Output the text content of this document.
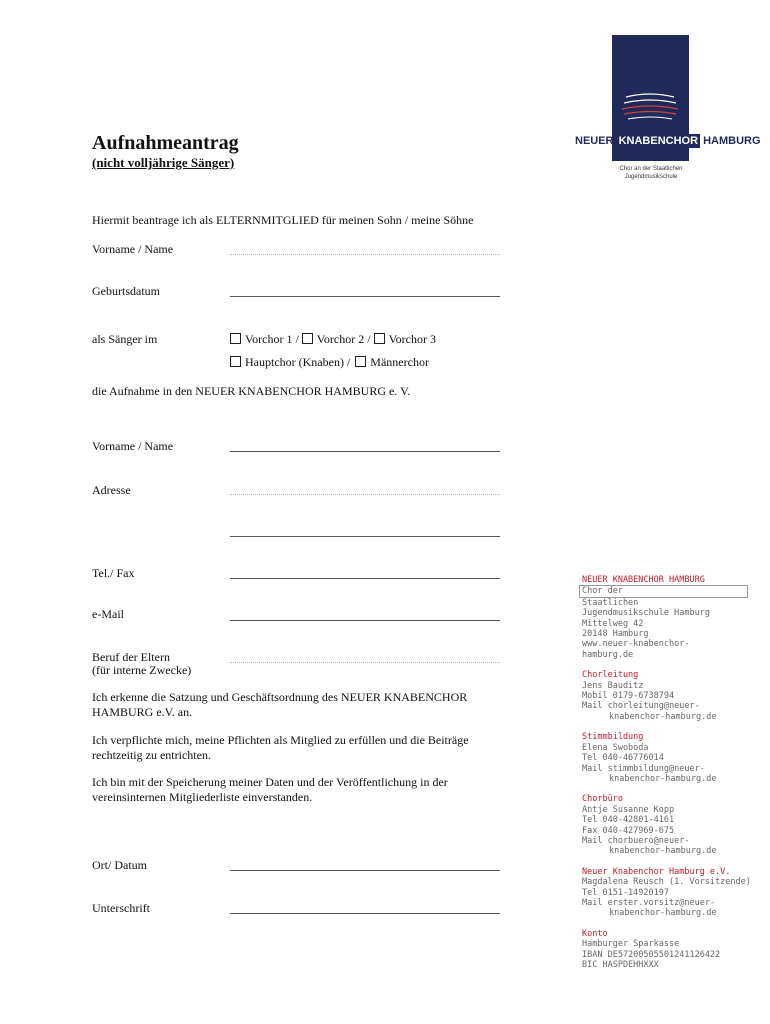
NEUER KNABENCHOR HAMBURG
Chor an der Staatlichen
Jugendmusikschule
Aufnahmeantrag
(nicht volljährige Sänger)
Hiermit beantrage ich als ELTERNMITGLIED für meinen Sohn / meine Söhne
Vorname / Name
Geburtsdatum
als Sänger im	Vorchor 1 / Vorchor 2 / Vorchor 3
Hauptchor (Knaben) / Männerchor
die Aufnahme in den NEUER KNABENCHOR HAMBURG e. V.
Vorname / Name
Adresse
Tel./ Fax
e-Mail
Beruf der Eltern
(für interne Zwecke)
Ich erkenne die Satzung und Geschäftsordnung des NEUER KNABENCHOR HAMBURG e.V. an.
Ich verpflichte mich, meine Pflichten als Mitglied zu erfüllen und die Beiträge rechtzeitig zu entrichten.
Ich bin mit der Speicherung meiner Daten und der Veröffentlichung in der vereinsinternen Mitgliederliste einverstanden.
Ort/ Datum
Unterschrift
NEUER KNABENCHOR HAMBURG
Chor der
Staatlichen
Jugendmusikschule Hamburg
Mittelweg 42
20148 Hamburg
www.neuer-knabenchor-
hamburg.de
Chorleitung
Jens Bauditz
Mobil 0179-6738794
Mail chorleitung@neuer-
knabenchor-hamburg.de
Stimmbildung
Elena Swoboda
Tel 040-46776014
Mail stimmbildung@neuer-
knabenchor-hamburg.de
Chorbüro
Antje Susanne Kopp
Tel 040-42801-4161
Fax 040-427969-675
Mail chorbuero@neuer-
knabenchor-hamburg.de
Neuer Knabenchor Hamburg e.V.
Magdalena Reusch (1. Vorsitzende)
Tel 0151-14920197
Mail erster.vorsitz@neuer-
knabenchor-hamburg.de
Konto
Hamburger Sparkasse
IBAN DE57200505501241126422
BIC HASPDEHHXXX
